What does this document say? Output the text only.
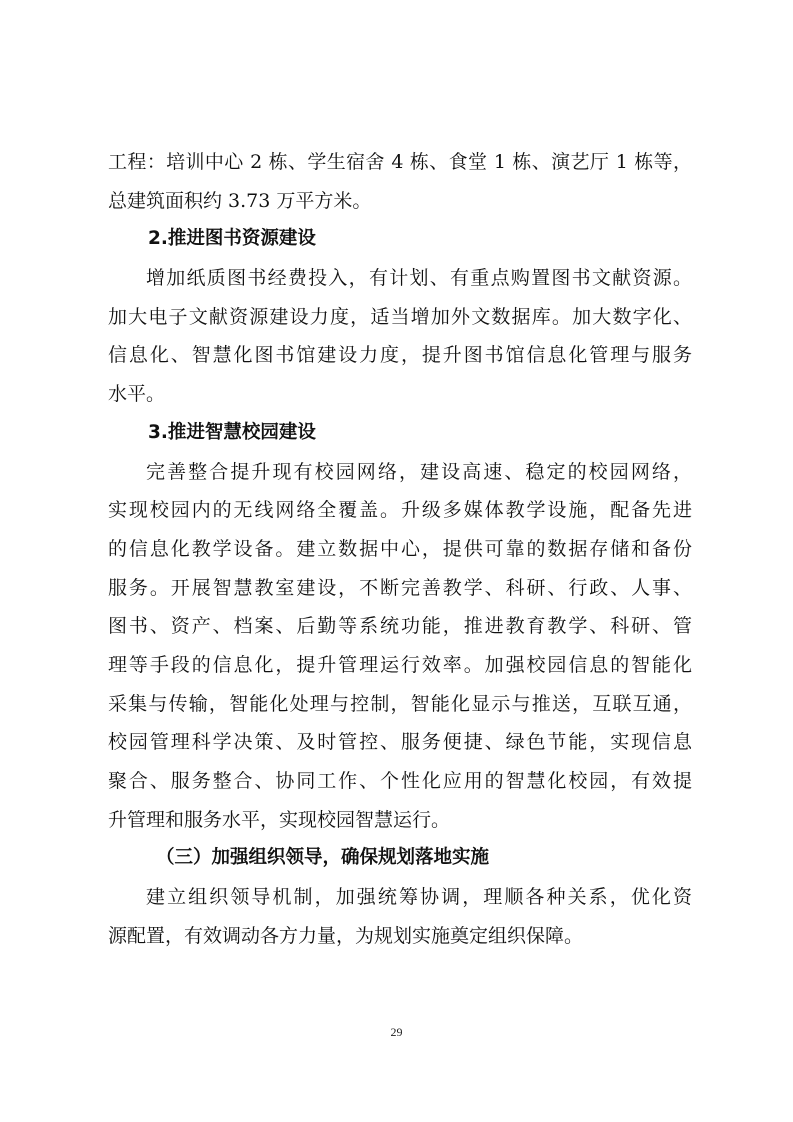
工程：培训中心 2 栋、学生宿舍 4 栋、食堂 1 栋、演艺厅 1 栋等，
总建筑面积约 3.73 万平方米。
2.推进图书资源建设
增加纸质图书经费投入，有计划、有重点购置图书文献资源。
加大电子文献资源建设力度，适当增加外文数据库。加大数字化、
信息化、智慧化图书馆建设力度，提升图书馆信息化管理与服务
水平。
3.推进智慧校园建设
完善整合提升现有校园网络，建设高速、稳定的校园网络，
实现校园内的无线网络全覆盖。升级多媒体教学设施，配备先进
的信息化教学设备。建立数据中心，提供可靠的数据存储和备份
服务。开展智慧教室建设，不断完善教学、科研、行政、人事、
图书、资产、档案、后勤等系统功能，推进教育教学、科研、管
理等手段的信息化，提升管理运行效率。加强校园信息的智能化
采集与传输，智能化处理与控制，智能化显示与推送，互联互通，
校园管理科学决策、及时管控、服务便捷、绿色节能，实现信息
聚合、服务整合、协同工作、个性化应用的智慧化校园，有效提
升管理和服务水平，实现校园智慧运行。
（三）加强组织领导，确保规划落地实施
建立组织领导机制，加强统筹协调，理顺各种关系，优化资
源配置，有效调动各方力量，为规划实施奠定组织保障。
29
